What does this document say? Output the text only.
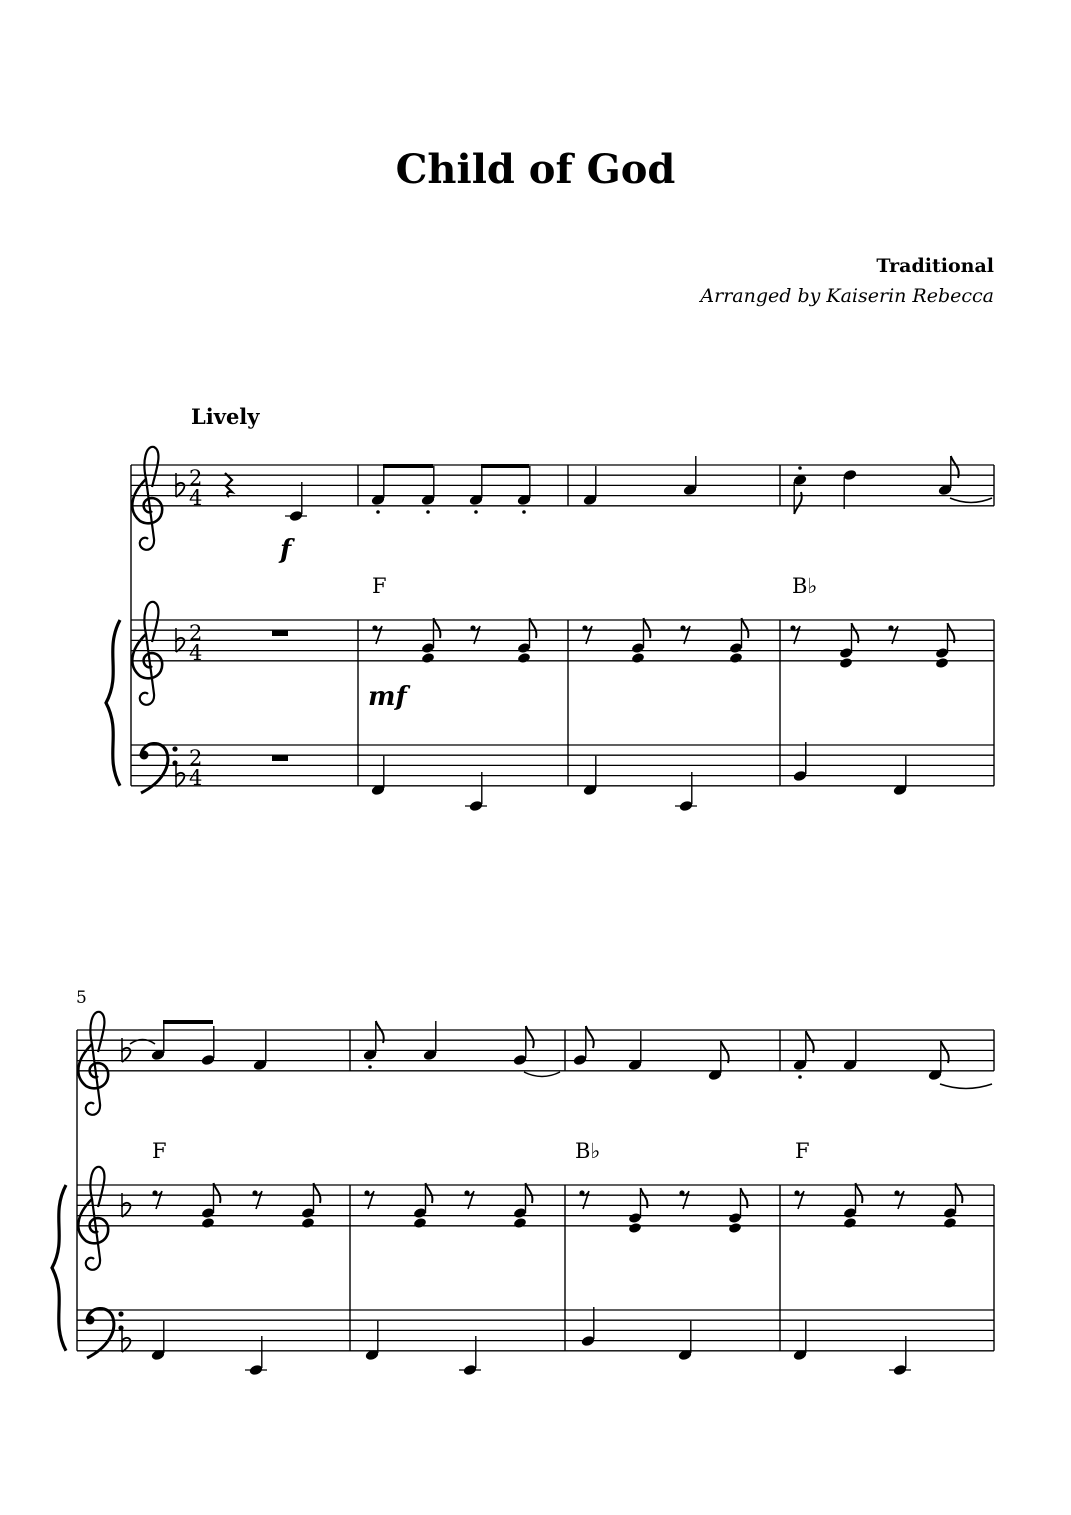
Child of God
Traditional
Arranged by Kaiserin Rebecca
Lively
5
2
4
2
4
2
4
F	B♭
f
mf
F	B♭	F
